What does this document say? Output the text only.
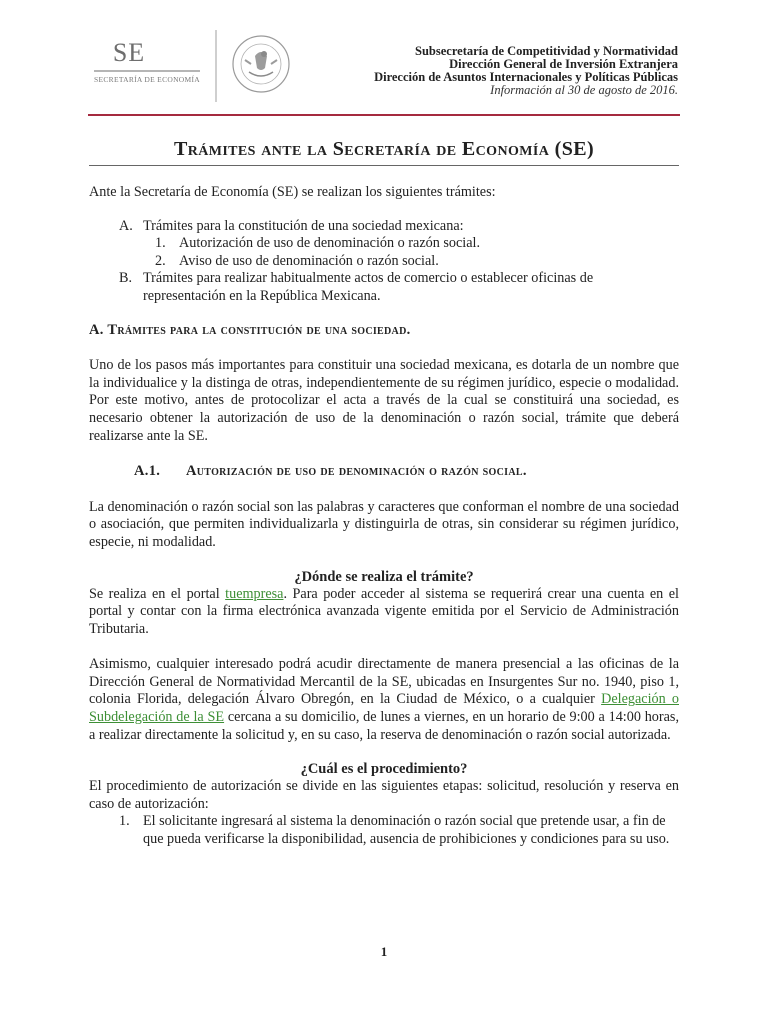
SE
SECRETARÍA DE ECONOMÍA
Subsecretaría de Competitividad y Normatividad
Dirección General de Inversión Extranjera
Dirección de Asuntos Internacionales y Políticas Públicas
Información al 30 de agosto de 2016.
Trámites ante la Secretaría de Economía (SE)

Ante la Secretaría de Economía (SE) se realizan los siguientes trámites:

A. Trámites para la constitución de una sociedad mexicana:
1. Autorización de uso de denominación o razón social.
2. Aviso de uso de denominación o razón social.
B. Trámites para realizar habitualmente actos de comercio o establecer oficinas de representación en la República Mexicana.

A. Trámites para la constitución de una sociedad.

Uno de los pasos más importantes para constituir una sociedad mexicana, es dotarla de un nombre que la individualice y la distinga de otras, independientemente de su régimen jurídico, especie o modalidad. Por este motivo, antes de protocolizar el acta a través de la cual se constituirá una sociedad, es necesario obtener la autorización de uso de la denominación o razón social, trámite que deberá realizarse ante la SE.

A.1. Autorización de uso de denominación o razón social.

La denominación o razón social son las palabras y caracteres que conforman el nombre de una sociedad o asociación, que permiten individualizarla y distinguirla de otras, sin considerar su régimen jurídico, especie, ni modalidad.

¿Dónde se realiza el trámite?

Se realiza en el portal tuempresa. Para poder acceder al sistema se requerirá crear una cuenta en el portal y contar con la firma electrónica avanzada vigente emitida por el Servicio de Administración Tributaria.

Asimismo, cualquier interesado podrá acudir directamente de manera presencial a las oficinas de la Dirección General de Normatividad Mercantil de la SE, ubicadas en Insurgentes Sur no. 1940, piso 1, colonia Florida, delegación Álvaro Obregón, en la Ciudad de México, o a cualquier Delegación o Subdelegación de la SE cercana a su domicilio, de lunes a viernes, en un horario de 9:00 a 14:00 horas, a realizar directamente la solicitud y, en su caso, la reserva de denominación o razón social autorizada.

¿Cuál es el procedimiento?

El procedimiento de autorización se divide en las siguientes etapas: solicitud, resolución y reserva en caso de autorización:

1. El solicitante ingresará al sistema la denominación o razón social que pretende usar, a fin de que pueda verificarse la disponibilidad, ausencia de prohibiciones y condiciones para su uso.
1
